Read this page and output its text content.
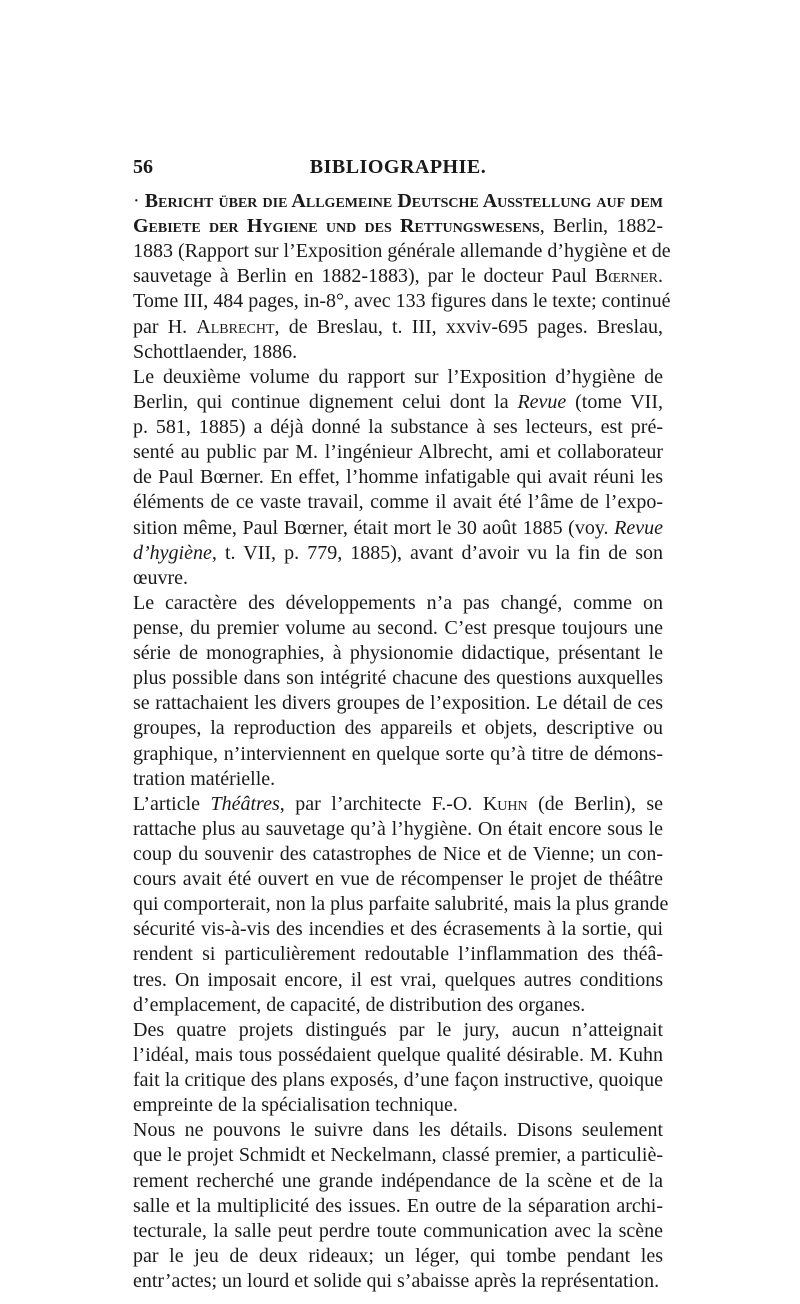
56	BIBLIOGRAPHIE.
· Bericht über die Allgemeine Deutsche Ausstellung auf dem
Gebiete der Hygiene und des Rettungswesens, Berlin, 1882-
1883 (Rapport sur l’Exposition générale allemande d’hygiène et de
sauvetage à Berlin en 1882-1883), par le docteur Paul Bœrner.
Tome III, 484 pages, in-8°, avec 133 figures dans le texte; continué
par H. Albrecht, de Breslau, t. III, xxviv-695 pages. Breslau,
Schottlaender, 1886.
Le deuxième volume du rapport sur l’Exposition d’hygiène de
Berlin, qui continue dignement celui dont la Revue (tome VII,
p. 581, 1885) a déjà donné la substance à ses lecteurs, est pré-
senté au public par M. l’ingénieur Albrecht, ami et collaborateur
de Paul Bœrner. En effet, l’homme infatigable qui avait réuni les
éléments de ce vaste travail, comme il avait été l’âme de l’expo-
sition même, Paul Bœrner, était mort le 30 août 1885 (voy. Revue
d’hygiène, t. VII, p. 779, 1885), avant d’avoir vu la fin de son
œuvre.
Le caractère des développements n’a pas changé, comme on
pense, du premier volume au second. C’est presque toujours une
série de monographies, à physionomie didactique, présentant le
plus possible dans son intégrité chacune des questions auxquelles
se rattachaient les divers groupes de l’exposition. Le détail de ces
groupes, la reproduction des appareils et objets, descriptive ou
graphique, n’interviennent en quelque sorte qu’à titre de démons-
tration matérielle.
L’article Théâtres, par l’architecte F.-O. Kuhn (de Berlin), se
rattache plus au sauvetage qu’à l’hygiène. On était encore sous le
coup du souvenir des catastrophes de Nice et de Vienne; un con-
cours avait été ouvert en vue de récompenser le projet de théâtre
qui comporterait, non la plus parfaite salubrité, mais la plus grande
sécurité vis-à-vis des incendies et des écrasements à la sortie, qui
rendent si particulièrement redoutable l’inflammation des théâ-
tres. On imposait encore, il est vrai, quelques autres conditions
d’emplacement, de capacité, de distribution des organes.
Des quatre projets distingués par le jury, aucun n’atteignait
l’idéal, mais tous possédaient quelque qualité désirable. M. Kuhn
fait la critique des plans exposés, d’une façon instructive, quoique
empreinte de la spécialisation technique.
Nous ne pouvons le suivre dans les détails. Disons seulement
que le projet Schmidt et Neckelmann, classé premier, a particuliè-
rement recherché une grande indépendance de la scène et de la
salle et la multiplicité des issues. En outre de la séparation archi-
tecturale, la salle peut perdre toute communication avec la scène
par le jeu de deux rideaux; un léger, qui tombe pendant les
entr’actes; un lourd et solide qui s’abaisse après la représentation.
